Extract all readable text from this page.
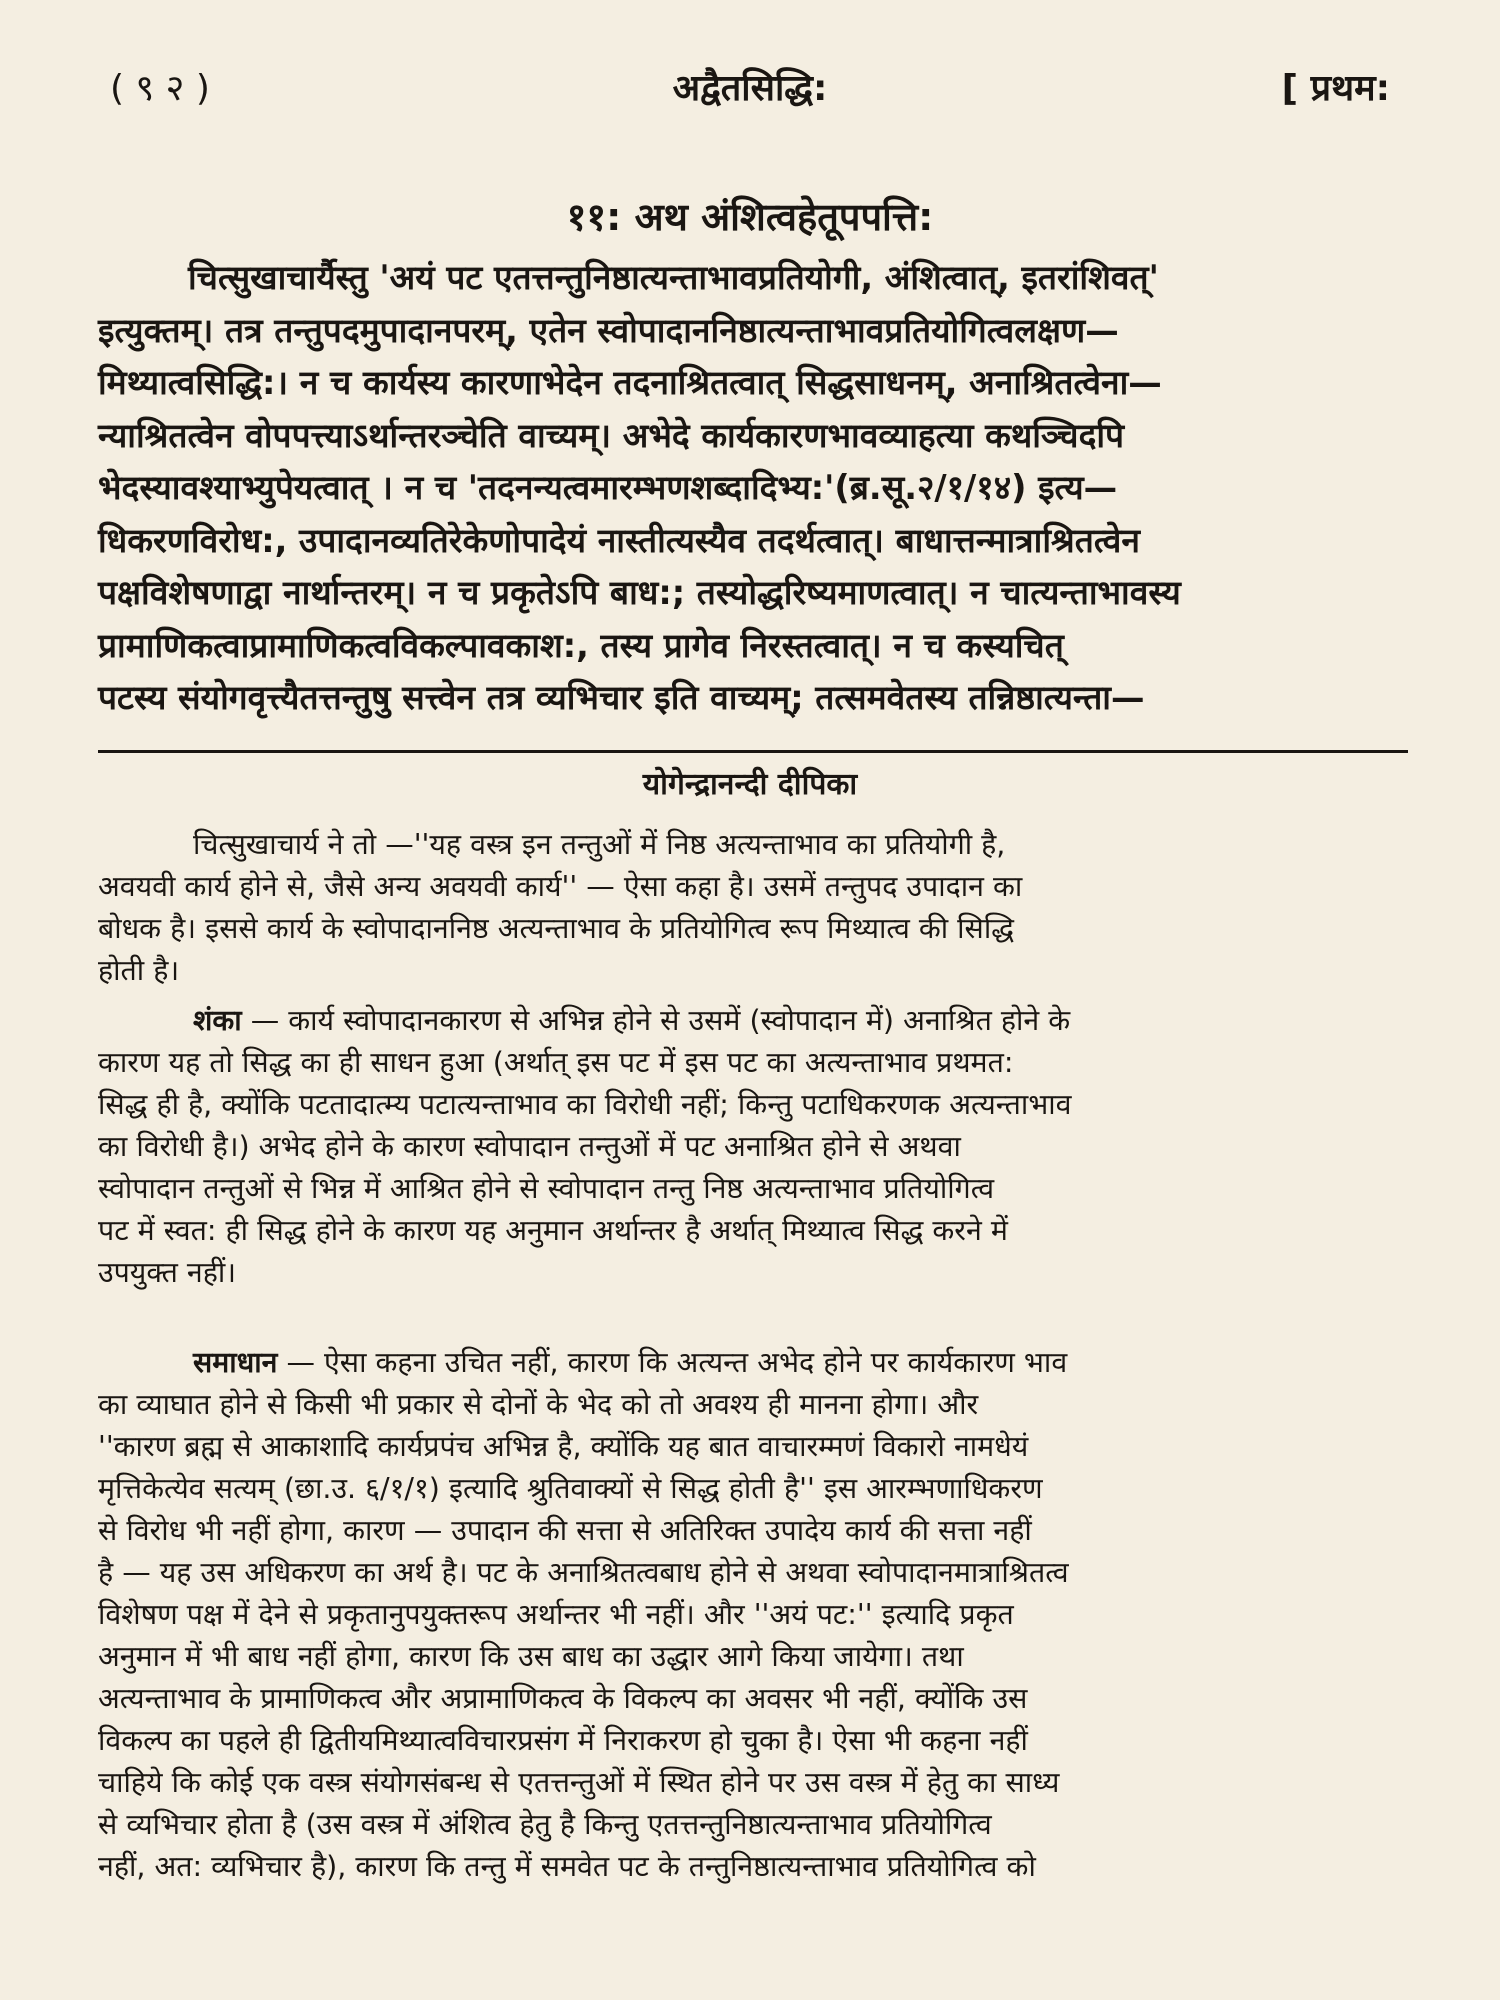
( ९ २ )	अद्वैतसिद्धि:	[ प्रथम:
११: अथ अंशित्वहेतूपपत्ति:
चित्सुखाचार्यैस्तु 'अयं पट एतत्तन्तुनिष्ठात्यन्ताभावप्रतियोगी, अंशित्वात्, इतरांशिवत्'
इत्युक्तम्। तत्र तन्तुपदमुपादानपरम्, एतेन स्वोपादाननिष्ठात्यन्ताभावप्रतियोगित्वलक्षण—
मिथ्यात्वसिद्धि:। न च कार्यस्य कारणाभेदेन तदनाश्रितत्वात् सिद्धसाधनम्, अनाश्रितत्वेना—
न्याश्रितत्वेन वोपपत्त्याऽर्थान्तरञ्चेति वाच्यम्। अभेदे कार्यकारणभावव्याहत्या कथञ्चिदपि
भेदस्यावश्याभ्युपेयत्वात् । न च 'तदनन्यत्वमारम्भणशब्दादिभ्य:'(ब्र.सू.२/१/१४) इत्य—
धिकरणविरोध:, उपादानव्यतिरेकेणोपादेयं नास्तीत्यस्यैव तदर्थत्वात्। बाधात्तन्मात्राश्रितत्वेन
पक्षविशेषणाद्वा नार्थान्तरम्। न च प्रकृतेऽपि बाध:; तस्योद्धरिष्यमाणत्वात्। न चात्यन्ताभावस्य
प्रामाणिकत्वाप्रामाणिकत्वविकल्पावकाश:, तस्य प्रागेव निरस्तत्वात्। न च कस्यचित्
पटस्य संयोगवृत्त्यैतत्तन्तुषु सत्त्वेन तत्र व्यभिचार इति वाच्यम्; तत्समवेतस्य तन्निष्ठात्यन्ता—
योगेन्द्रानन्दी दीपिका
चित्सुखाचार्य ने तो —''यह वस्त्र इन तन्तुओं में निष्ठ अत्यन्ताभाव का प्रतियोगी है,
अवयवी कार्य होने से, जैसे अन्य अवयवी कार्य'' — ऐसा कहा है। उसमें तन्तुपद उपादान का
बोधक है। इससे कार्य के स्वोपादाननिष्ठ अत्यन्ताभाव के प्रतियोगित्व रूप मिथ्यात्व की सिद्धि
होती है।
शंका — कार्य स्वोपादानकारण से अभिन्न होने से उसमें (स्वोपादान में) अनाश्रित होने के
कारण यह तो सिद्ध का ही साधन हुआ (अर्थात् इस पट में इस पट का अत्यन्ताभाव प्रथमत:
सिद्ध ही है, क्योंकि पटतादात्म्य पटात्यन्ताभाव का विरोधी नहीं; किन्तु पटाधिकरणक अत्यन्ताभाव
का विरोधी है।) अभेद होने के कारण स्वोपादान तन्तुओं में पट अनाश्रित होने से अथवा
स्वोपादान तन्तुओं से भिन्न में आश्रित होने से स्वोपादान तन्तु निष्ठ अत्यन्ताभाव प्रतियोगित्व
पट में स्वत: ही सिद्ध होने के कारण यह अनुमान अर्थान्तर है अर्थात् मिथ्यात्व सिद्ध करने में
उपयुक्त नहीं।
समाधान — ऐसा कहना उचित नहीं, कारण कि अत्यन्त अभेद होने पर कार्यकारण भाव
का व्याघात होने से किसी भी प्रकार से दोनों के भेद को तो अवश्य ही मानना होगा। और
''कारण ब्रह्म से आकाशादि कार्यप्रपंच अभिन्न है, क्योंकि यह बात वाचारम्मणं विकारो नामधेयं
मृत्तिकेत्येव सत्यम् (छा.उ. ६/१/१) इत्यादि श्रुतिवाक्यों से सिद्ध होती है'' इस आरम्भणाधिकरण
से विरोध भी नहीं होगा, कारण — उपादान की सत्ता से अतिरिक्त उपादेय कार्य की सत्ता नहीं
है — यह उस अधिकरण का अर्थ है। पट के अनाश्रितत्वबाध होने से अथवा स्वोपादानमात्राश्रितत्व
विशेषण पक्ष में देने से प्रकृतानुपयुक्तरूप अर्थान्तर भी नहीं। और ''अयं पट:'' इत्यादि प्रकृत
अनुमान में भी बाध नहीं होगा, कारण कि उस बाध का उद्धार आगे किया जायेगा। तथा
अत्यन्ताभाव के प्रामाणिकत्व और अप्रामाणिकत्व के विकल्प का अवसर भी नहीं, क्योंकि उस
विकल्प का पहले ही द्वितीयमिथ्यात्वविचारप्रसंग में निराकरण हो चुका है। ऐसा भी कहना नहीं
चाहिये कि कोई एक वस्त्र संयोगसंबन्ध से एतत्तन्तुओं में स्थित होने पर उस वस्त्र में हेतु का साध्य
से व्यभिचार होता है (उस वस्त्र में अंशित्व हेतु है किन्तु एतत्तन्तुनिष्ठात्यन्ताभाव प्रतियोगित्व
नहीं, अत: व्यभिचार है), कारण कि तन्तु में समवेत पट के तन्तुनिष्ठात्यन्ताभाव प्रतियोगित्व को
